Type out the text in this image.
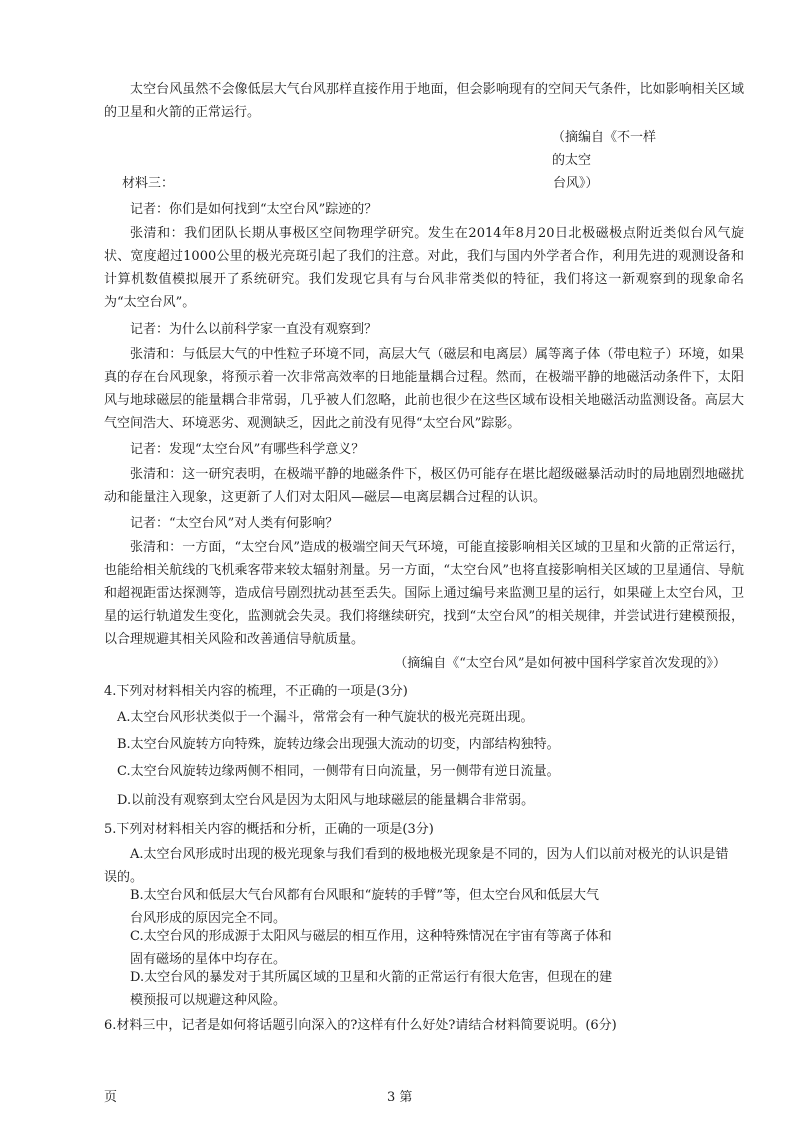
太空台风虽然不会像低层大气台风那样直接作用于地面，但会影响现有的空间天气条件，比如影响相关区域的卫星和火箭的正常运行。

（摘编自《不一样的太空
台风》）

材料三：

记者：你们是如何找到“太空台风”踪迹的？

张清和：我们团队长期从事极区空间物理学研究。发生在2014年8月20日北极磁极点附近类似台风气旋状、宽度超过1000公里的极光亮斑引起了我们的注意。对此，我们与国内外学者合作，利用先进的观测设备和计算机数值模拟展开了系统研究。我们发现它具有与台风非常类似的特征，我们将这一新观察到的现象命名为“太空台风”。

记者：为什么以前科学家一直没有观察到？

张清和：与低层大气的中性粒子环境不同，高层大气（磁层和电离层）属等离子体（带电粒子）环境，如果真的存在台风现象，将预示着一次非常高效率的日地能量耦合过程。然而，在极端平静的地磁活动条件下，太阳风与地球磁层的能量耦合非常弱，几乎被人们忽略，此前也很少在这些区域布设相关地磁活动监测设备。高层大气空间浩大、环境恶劣、观测缺乏，因此之前没有见得“太空台风”踪影。

记者：发现“太空台风”有哪些科学意义？

张清和：这一研究表明，在极端平静的地磁条件下，极区仍可能存在堪比超级磁暴活动时的局地剧烈地磁扰动和能量注入现象，这更新了人们对太阳风—磁层—电离层耦合过程的认识。

记者：“太空台风”对人类有何影响？

张清和：一方面，“太空台风”造成的极端空间天气环境，可能直接影响相关区域的卫星和火箭的正常运行，也能给相关航线的飞机乘客带来较太辐射剂量。另一方面，“太空台风”也将直接影响相关区域的卫星通信、导航和超视距雷达探测等，造成信号剧烈扰动甚至丢失。国际上通过编号来监测卫星的运行，如果碰上太空台风，卫星的运行轨道发生变化，监测就会失灵。我们将继续研究，找到“太空台风”的相关规律，并尝试进行建模预报，以合理规避其相关风险和改善通信导航质量。

（摘编自《“太空台风”是如何被中国科学家首次发现的》）

4.下列对材料相关内容的梳理，不正确的一项是(3分)

A.太空台风形状类似于一个漏斗，常常会有一种气旋状的极光亮斑出现。

B.太空台风旋转方向特殊，旋转边缘会出现强大流动的切变，内部结构独特。

C.太空台风旋转边缘两侧不相同，一侧带有日向流量，另一侧带有逆日流量。

D.以前没有观察到太空台风是因为太阳风与地球磁层的能量耦合非常弱。

5.下列对材料相关内容的概括和分析，正确的一项是(3分)

A.太空台风形成时出现的极光现象与我们看到的极地极光现象是不同的，因为人们以前对极光的认识是错误的。

B.太空台风和低层大气台风都有台风眼和“旋转的手臂”等，但太空台风和低层大气
台风形成的原因完全不同。

C.太空台风的形成源于太阳风与磁层的相互作用，这种特殊情况在宇宙有等离子体和
固有磁场的星体中均存在。

D.太空台风的暴发对于其所属区域的卫星和火箭的正常运行有很大危害，但现在的建
模预报可以规避这种风险。

6.材料三中，记者是如何将话题引向深入的?这样有什么好处?请结合材料简要说明。(6分)

页	3 第
